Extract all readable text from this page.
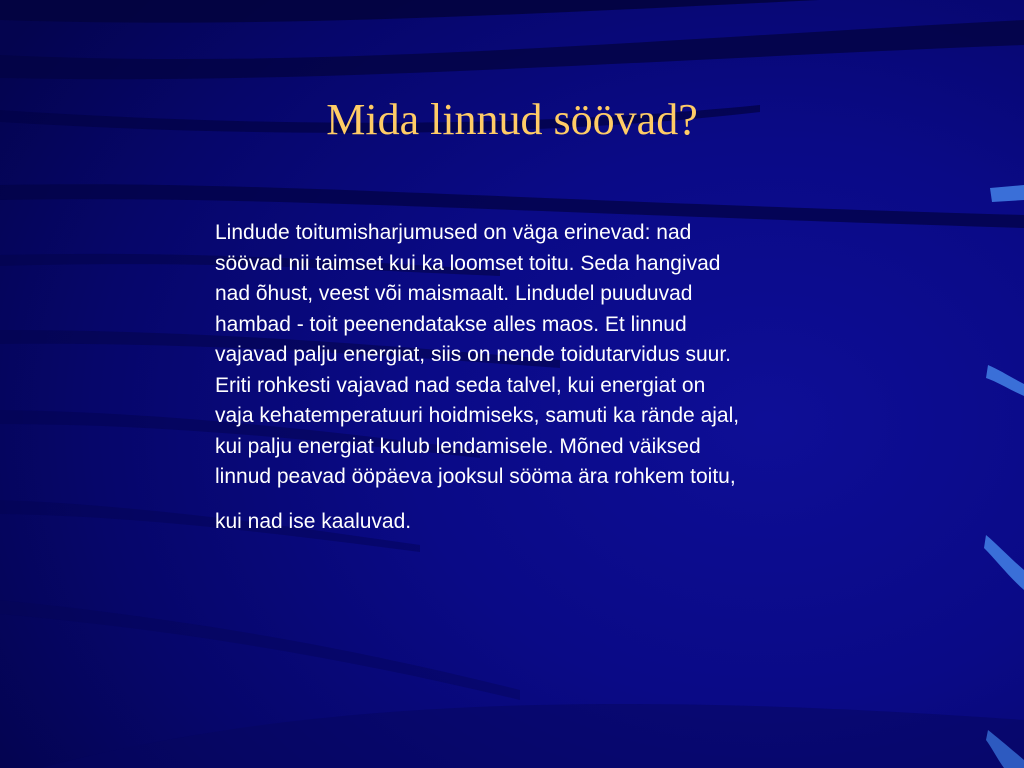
Mida linnud söövad?
Lindude toitumisharjumused on väga erinevad: nad
söövad nii taimset kui ka loomset toitu. Seda hangivad
nad õhust, veest või maismaalt. Lindudel puuduvad
hambad - toit peenendatakse alles maos. Et linnud
vajavad palju energiat, siis on nende toidutarvidus suur.
Eriti rohkesti vajavad nad seda talvel, kui energiat on
vaja kehatemperatuuri hoidmiseks, samuti ka rände ajal,
kui palju energiat kulub lendamisele. Mõned väiksed
linnud peavad ööpäeva jooksul sööma ära rohkem toitu,
kui nad ise kaaluvad.
